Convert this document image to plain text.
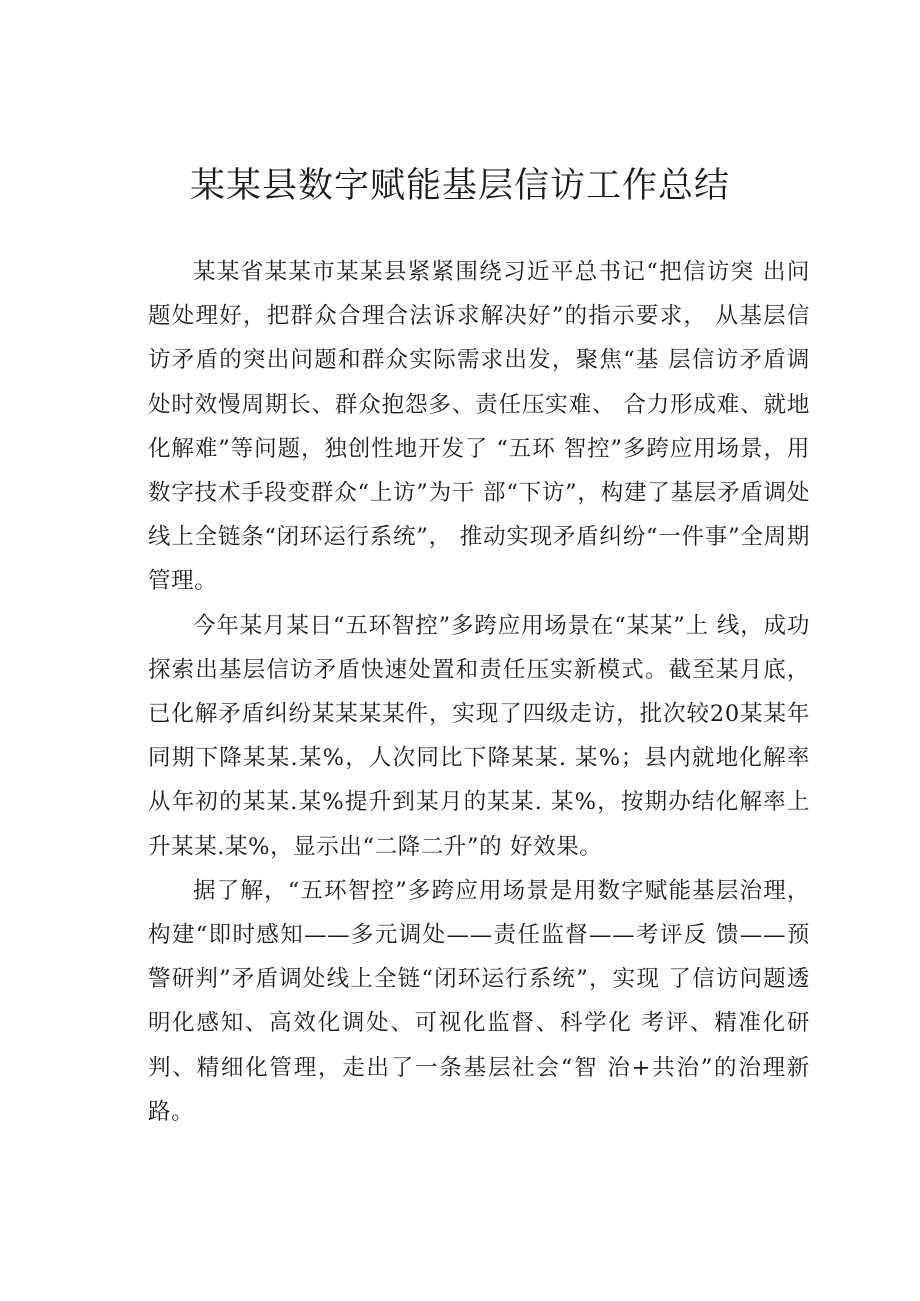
某某县数字赋能基层信访工作总结

某某省某某市某某县紧紧围绕习近平总书记“把信访突 出问题处理好，把群众合理合法诉求解决好”的指示要求， 从基层信访矛盾的突出问题和群众实际需求出发，聚焦“基 层信访矛盾调处时效慢周期长、群众抱怨多、责任压实难、 合力形成难、就地化解难”等问题，独创性地开发了 “五环 智控”多跨应用场景，用数字技术手段变群众“上访”为干 部“下访”，构建了基层矛盾调处线上全链条“闭环运行系统”， 推动实现矛盾纠纷“一件事”全周期管理。

今年某月某日“五环智控”多跨应用场景在“某某”上 线，成功探索出基层信访矛盾快速处置和责任压实新模式。截至某月底，已化解矛盾纠纷某某某某件，实现了四级走访，批次较20某某年同期下降某某.某%，人次同比下降某某. 某%；县内就地化解率从年初的某某.某%提升到某月的某某. 某%，按期办结化解率上升某某.某%，显示出“二降二升”的 好效果。

据了解，“五环智控”多跨应用场景是用数字赋能基层治理，构建“即时感知——多元调处——责任监督——考评反 馈——预警研判”矛盾调处线上全链“闭环运行系统”，实现 了信访问题透明化感知、高效化调处、可视化监督、科学化 考评、精准化研判、精细化管理，走出了一条基层社会“智 治+共治”的治理新路。
